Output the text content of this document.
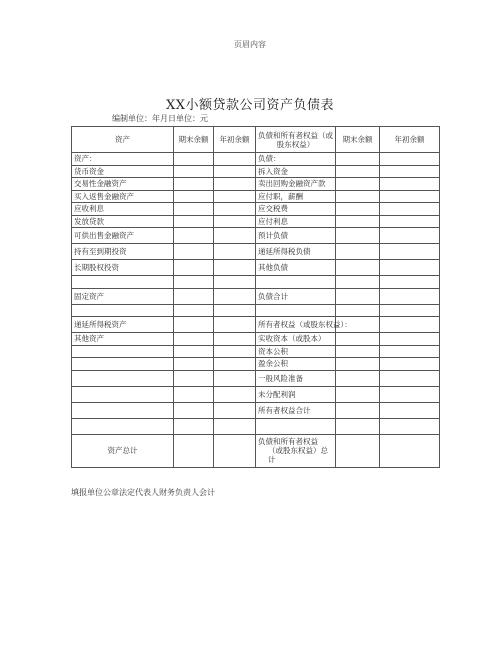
页眉内容
XX小额贷款公司资产负债表
编制单位：年月日单位：元
资产	期末余额	年初余额	负债和所有者权益（或股东权益）	期末余额	年初余额
资产：			负债：		
货币资金			拆入资金		
交易性金融资产			卖出回购金融资产款		
买入返售金融资产			应付职，薪酬		
应收利息			应交税费		
发放贷款			应付利息		
可供出售金融资产			预计负债		
持有至到期投资			递延所得税负债		
长期股权投资			其他负债		

固定资产			负债合计		

递延所得税资产			所有者权益（或股东权益）：		
其他资产			实收资本（或股本）		
			资本公积		
			盈余公积		
			一般风险准备		
			未分配利润		
			所有者权益合计		

资产总计			负债和所有者权益
（或股东权益）总计		

填报单位公章法定代表人财务负责人会计
